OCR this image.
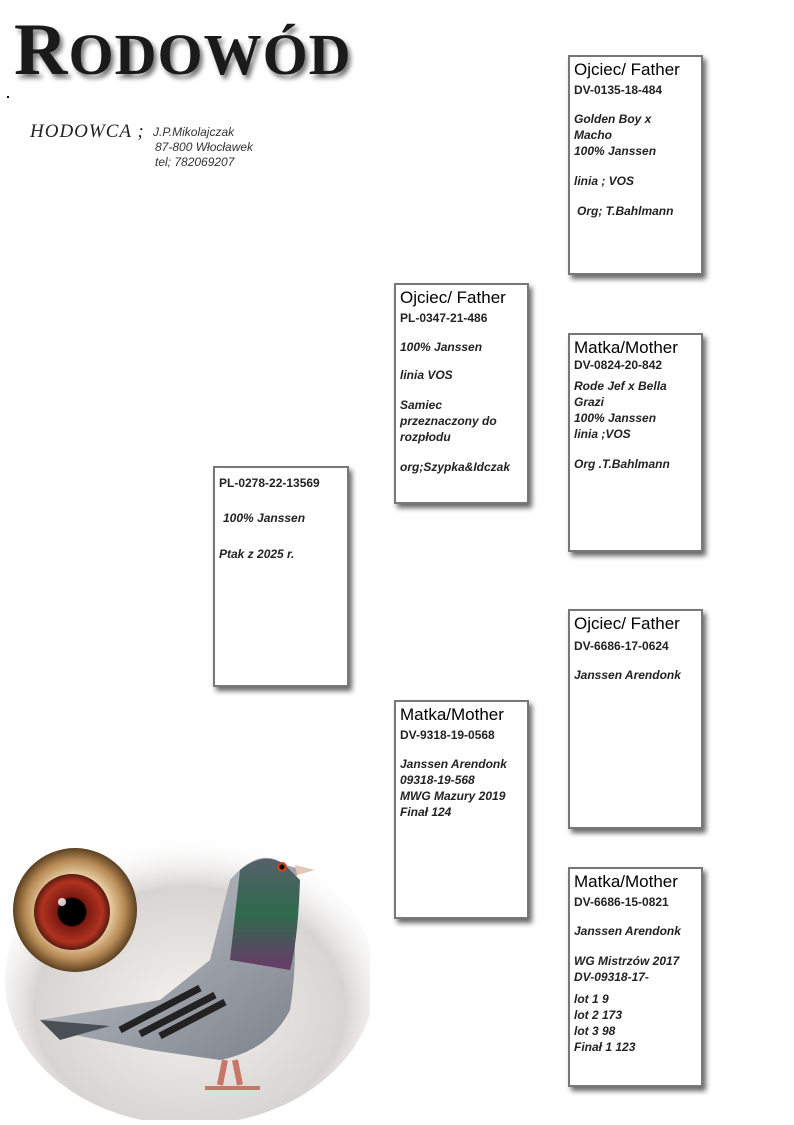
RODOWÓD
HODOWCA ; J.P.Mikolajczak
87-800 Włocławek
tel; 782069207
PL-0278-22-13569
100% Janssen
Ptak z 2025 r.
Ojciec/ Father
PL-0347-21-486
100% Janssen
linia VOS
Samiec
przeznaczony do
rozpłodu
org;Szypka&Idczak
Matka/Mother
DV-9318-19-0568
Janssen Arendonk
09318-19-568
MWG Mazury 2019
Finał 124
Ojciec/ Father
DV-0135-18-484
Golden Boy x
Macho
100% Janssen
linia ; VOS
Org; T.Bahlmann
Matka/Mother
DV-0824-20-842
Rode Jef x Bella
Grazi
100% Janssen
linia ;VOS
Org .T.Bahlmann
Ojciec/ Father
DV-6686-17-0624
Janssen Arendonk
Matka/Mother
DV-6686-15-0821
Janssen Arendonk
WG Mistrzów 2017
DV-09318-17-
lot 1 9
lot 2 173
lot 3 98
Finał 1 123
